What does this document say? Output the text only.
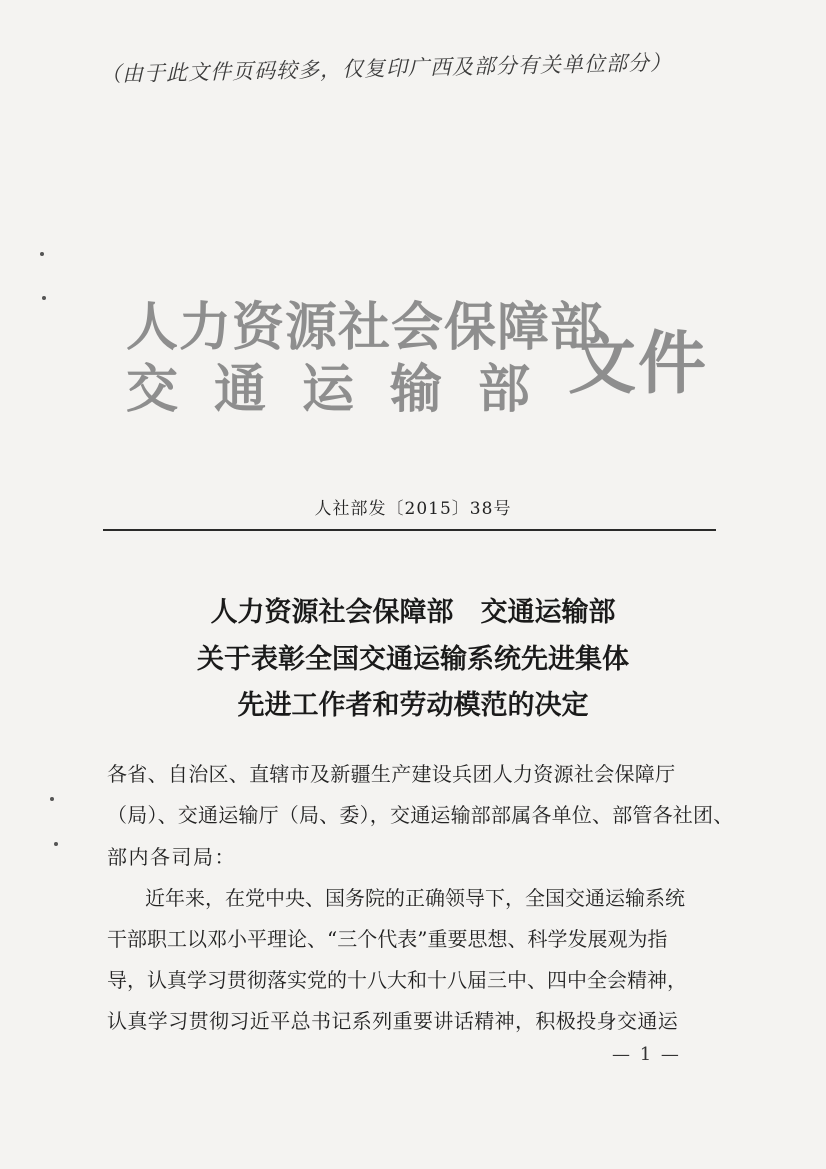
（由于此文件页码较多，仅复印广西及部分有关单位部分）
人力资源社会保障部
交通运输部 文件
人社部发〔2015〕38号
人力资源社会保障部　交通运输部
关于表彰全国交通运输系统先进集体
先进工作者和劳动模范的决定
各省、自治区、直辖市及新疆生产建设兵团人力资源社会保障厅
（局）、交通运输厅（局、委），交通运输部部属各单位、部管各社团、
部内各司局：
近年来，在党中央、国务院的正确领导下，全国交通运输系统
干部职工以邓小平理论、“三个代表”重要思想、科学发展观为指
导，认真学习贯彻落实党的十八大和十八届三中、四中全会精神，
认真学习贯彻习近平总书记系列重要讲话精神，积极投身交通运
— 1 —
